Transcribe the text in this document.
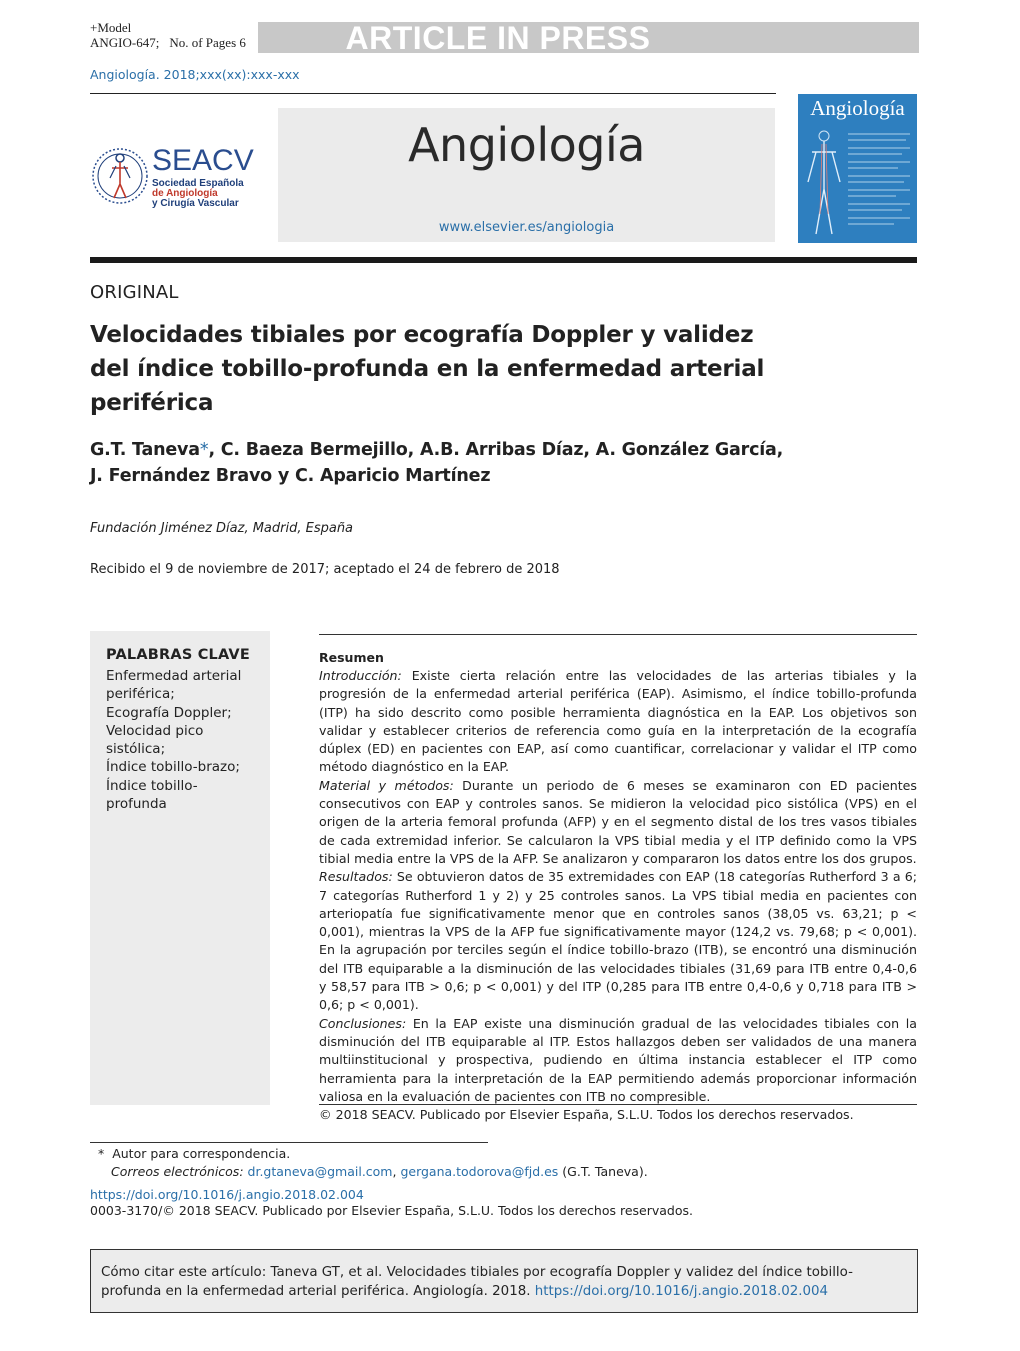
+Model
ANGIO-647; No. of Pages 6	ARTICLE IN PRESS
Angiología. 2018;xxx(xx):xxx-xxx
SEACV
Sociedad Española
de Angiología
y Cirugía Vascular
Angiología
www.elsevier.es/angiologia
Angiología
ORIGINAL
Velocidades tibiales por ecografía Doppler y validez del índice tobillo-profunda en la enfermedad arterial periférica
G.T. Taneva*, C. Baeza Bermejillo, A.B. Arribas Díaz, A. González García,
J. Fernández Bravo y C. Aparicio Martínez
Fundación Jiménez Díaz, Madrid, España
Recibido el 9 de noviembre de 2017; aceptado el 24 de febrero de 2018
PALABRAS CLAVE
Enfermedad arterial periférica;
Ecografía Doppler;
Velocidad pico sistólica;
Índice tobillo-brazo;
Índice tobillo-profunda
Resumen

Introducción: Existe cierta relación entre las velocidades de las arterias tibiales y la progresión de la enfermedad arterial periférica (EAP). Asimismo, el índice tobillo-profunda (ITP) ha sido descrito como posible herramienta diagnóstica en la EAP. Los objetivos son validar y establecer criterios de referencia como guía en la interpretación de la ecografía dúplex (ED) en pacientes con EAP, así como cuantificar, correlacionar y validar el ITP como método diagnóstico en la EAP.

Material y métodos: Durante un periodo de 6 meses se examinaron con ED pacientes consecutivos con EAP y controles sanos. Se midieron la velocidad pico sistólica (VPS) en el origen de la arteria femoral profunda (AFP) y en el segmento distal de los tres vasos tibiales de cada extremidad inferior. Se calcularon la VPS tibial media y el ITP definido como la VPS tibial media entre la VPS de la AFP. Se analizaron y compararon los datos entre los dos grupos.

Resultados: Se obtuvieron datos de 35 extremidades con EAP (18 categorías Rutherford 3 a 6; 7 categorías Rutherford 1 y 2) y 25 controles sanos. La VPS tibial media en pacientes con arteriopatía fue significativamente menor que en controles sanos (38,05 vs. 63,21; p < 0,001), mientras la VPS de la AFP fue significativamente mayor (124,2 vs. 79,68; p < 0,001). En la agrupación por terciles según el índice tobillo-brazo (ITB), se encontró una disminución del ITB equiparable a la disminución de las velocidades tibiales (31,69 para ITB entre 0,4-0,6 y 58,57 para ITB > 0,6; p < 0,001) y del ITP (0,285 para ITB entre 0,4-0,6 y 0,718 para ITB > 0,6; p < 0,001).

Conclusiones: En la EAP existe una disminución gradual de las velocidades tibiales con la disminución del ITB equiparable al ITP. Estos hallazgos deben ser validados de una manera multiinstitucional y prospectiva, pudiendo en última instancia establecer el ITP como herramienta para la interpretación de la EAP permitiendo además proporcionar información valiosa en la evaluación de pacientes con ITB no compresible.

© 2018 SEACV. Publicado por Elsevier España, S.L.U. Todos los derechos reservados.

* Autor para correspondencia.
Correos electrónicos: dr.gtaneva@gmail.com, gergana.todorova@fjd.es (G.T. Taneva).
https://doi.org/10.1016/j.angio.2018.02.004
0003-3170/© 2018 SEACV. Publicado por Elsevier España, S.L.U. Todos los derechos reservados.
Cómo citar este artículo: Taneva GT, et al. Velocidades tibiales por ecografía Doppler y validez del índice tobillo-profunda en la enfermedad arterial periférica. Angiología. 2018. https://doi.org/10.1016/j.angio.2018.02.004
